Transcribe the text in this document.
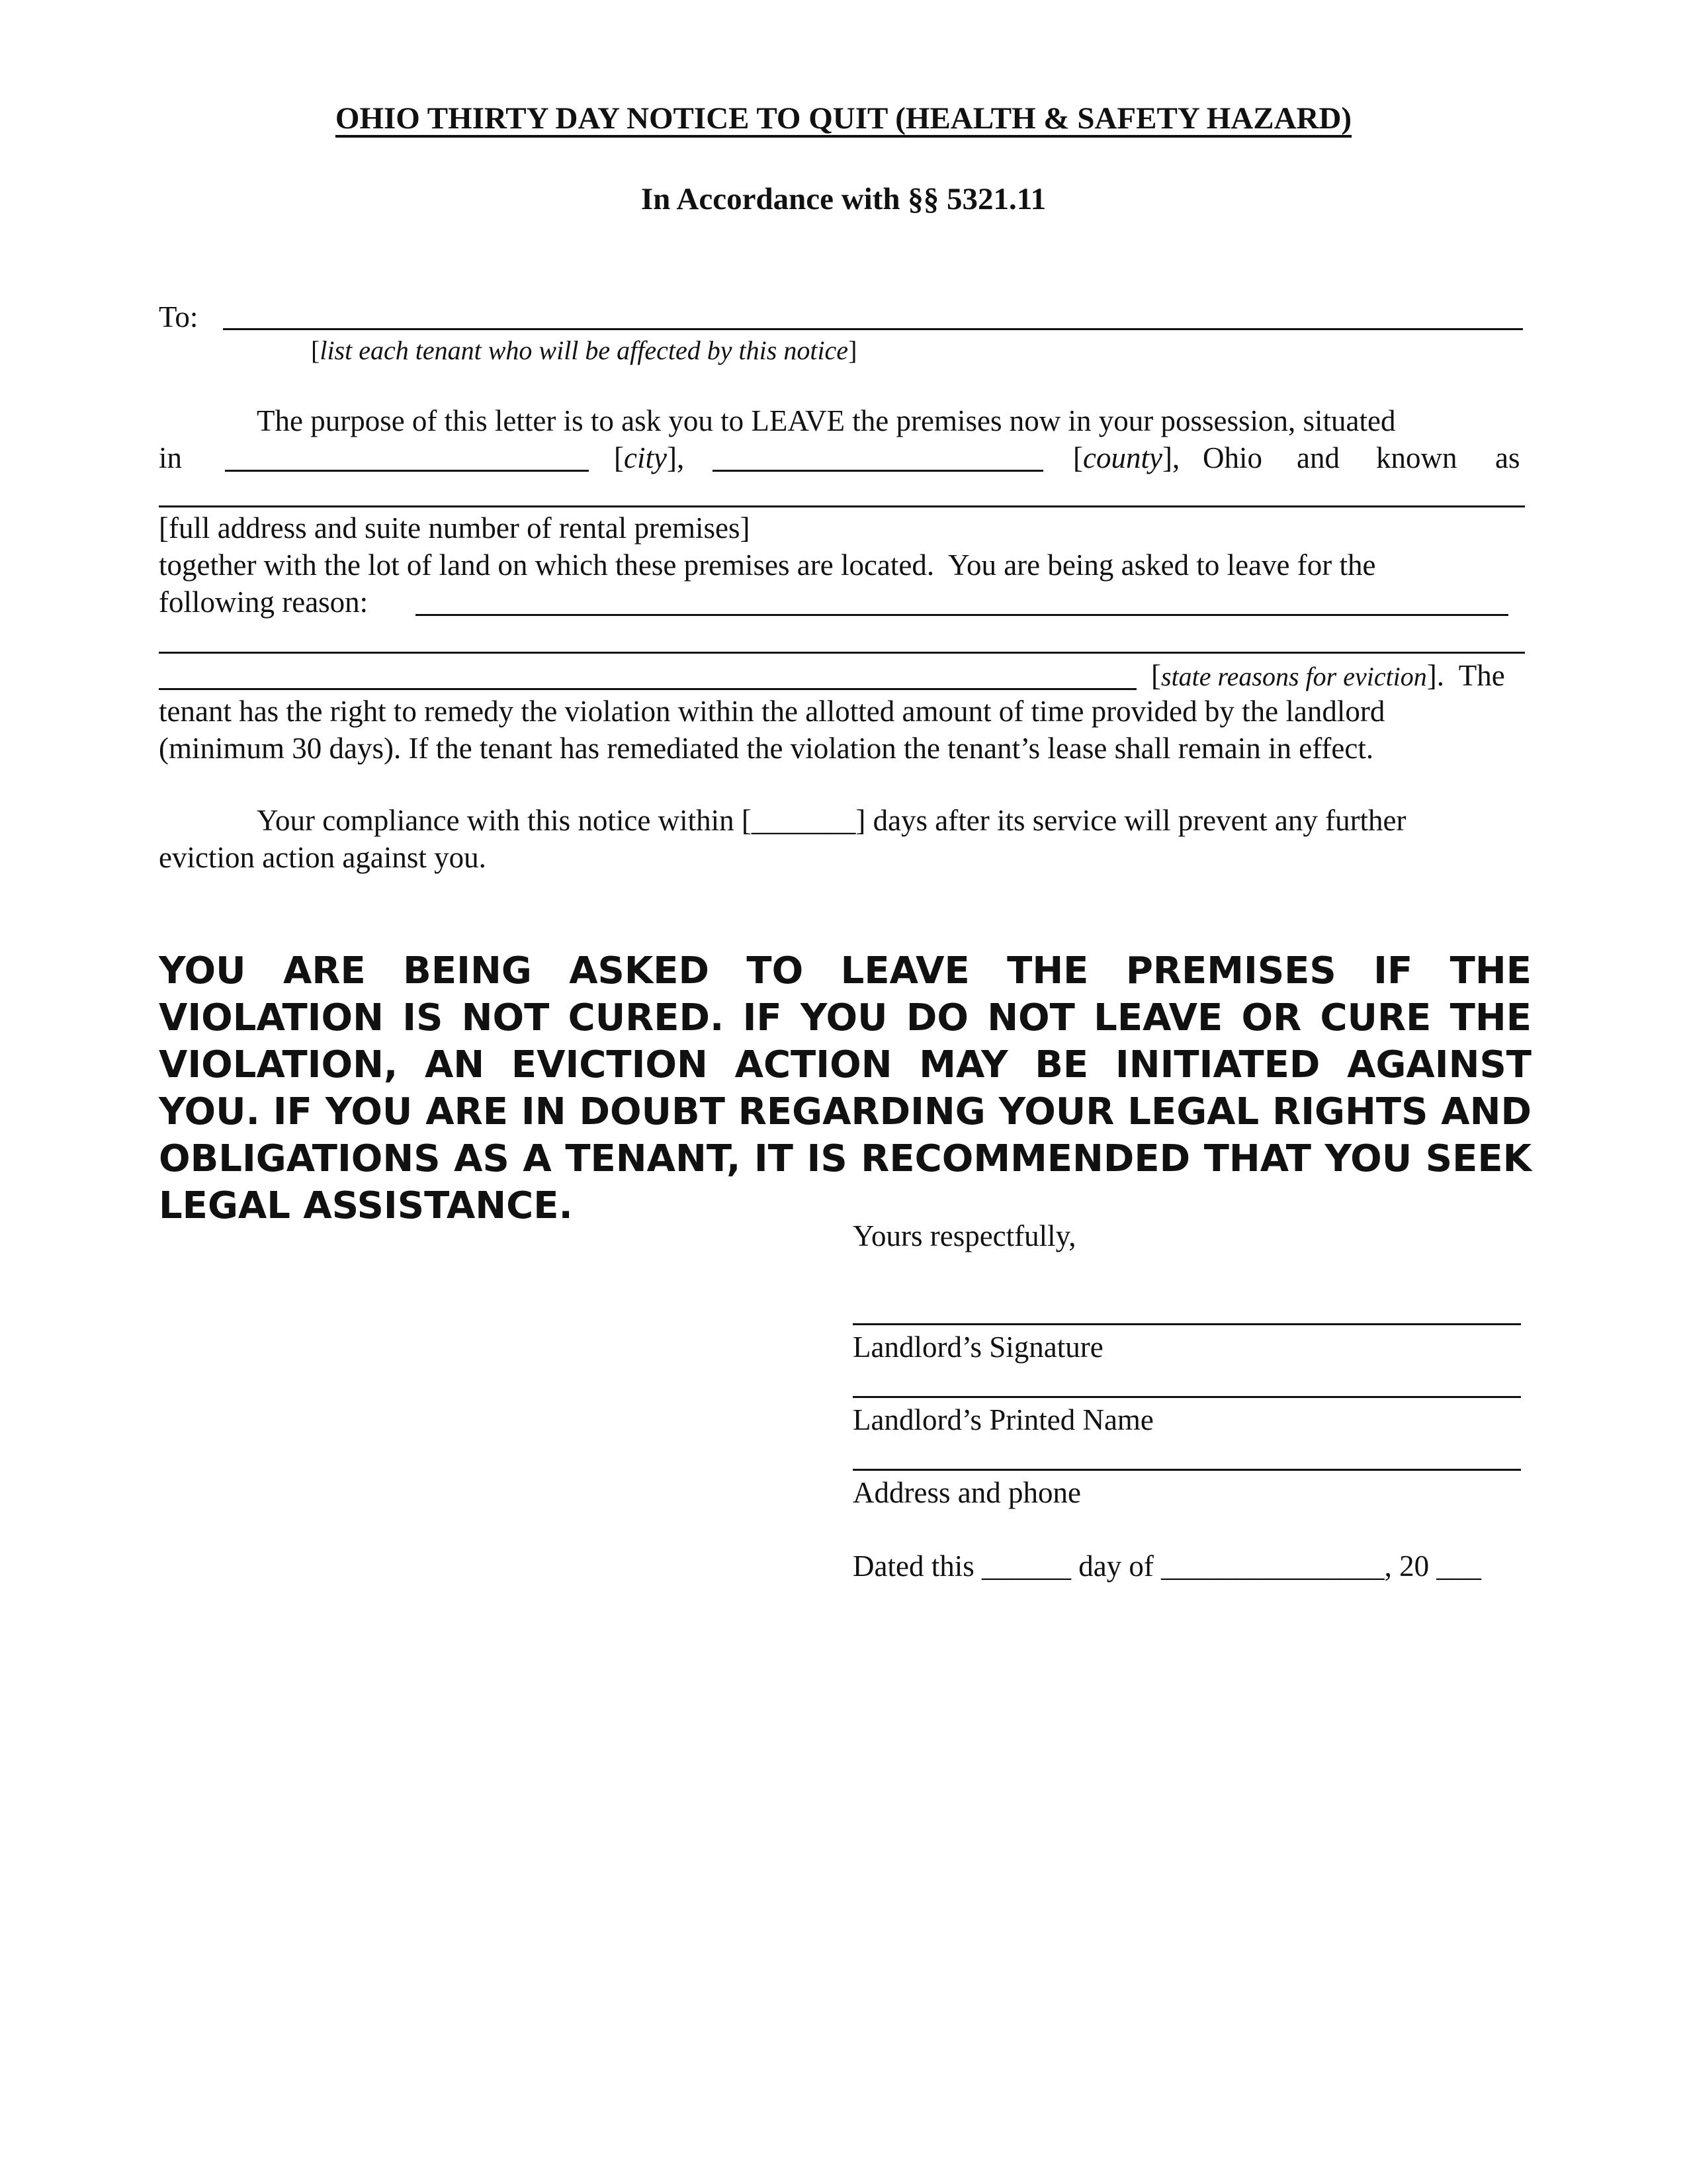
OHIO THIRTY DAY NOTICE TO QUIT (HEALTH & SAFETY HAZARD)
In Accordance with §§ 5321.11
To:
[list each tenant who will be affected by this notice]
The purpose of this letter is to ask you to LEAVE the premises now in your possession, situated
in	[city],	[county], Ohio and known as
[full address and suite number of rental premises]
together with the lot of land on which these premises are located.  You are being asked to leave for the
following reason:
[state reasons for eviction].  The
tenant has the right to remedy the violation within the allotted amount of time provided by the landlord
(minimum 30 days). If the tenant has remediated the violation the tenant’s lease shall remain in effect.
Your compliance with this notice within [_______] days after its service will prevent any further
eviction action against you.
YOU ARE BEING ASKED TO LEAVE THE PREMISES IF THE VIOLATION IS NOT CURED. IF YOU DO NOT LEAVE OR CURE THE VIOLATION, AN EVICTION ACTION MAY BE INITIATED AGAINST YOU. IF YOU ARE IN DOUBT REGARDING YOUR LEGAL RIGHTS AND OBLIGATIONS AS A TENANT, IT IS RECOMMENDED THAT YOU SEEK LEGAL ASSISTANCE.
Yours respectfully,
Landlord’s Signature
Landlord’s Printed Name
Address and phone
Dated this ______ day of _______________, 20 ___
